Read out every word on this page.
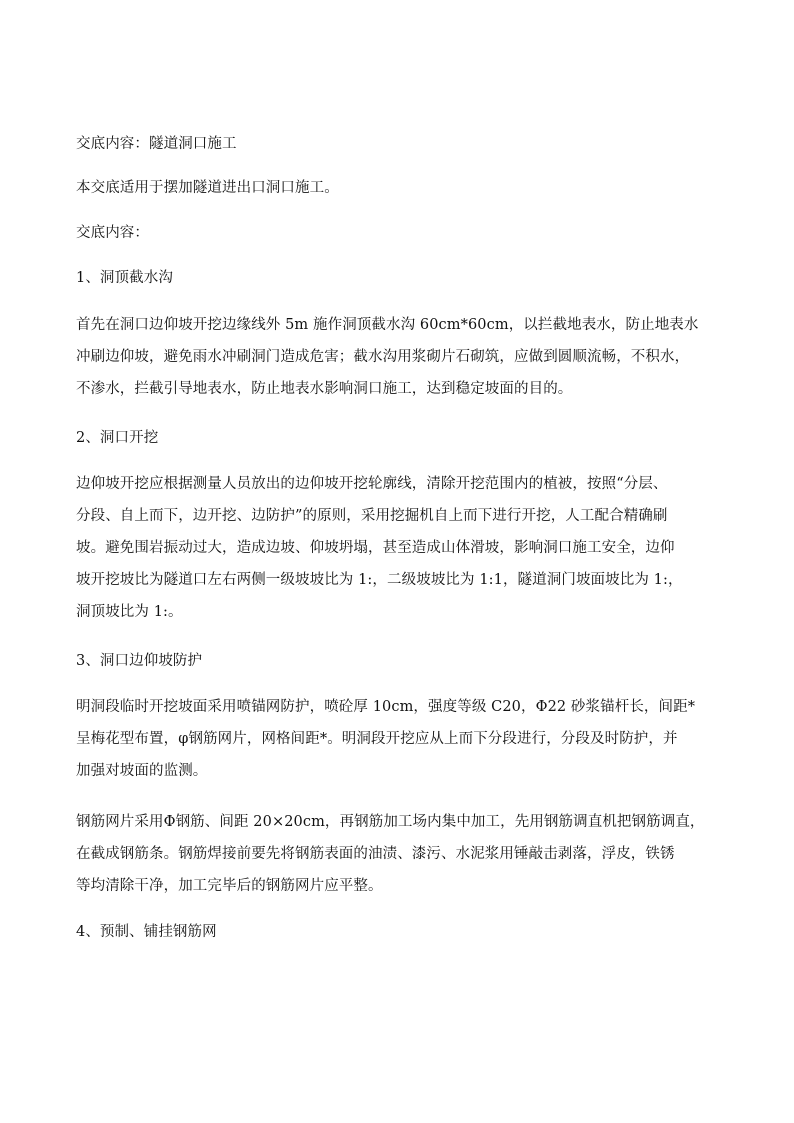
交底内容：隧道洞口施工
本交底适用于摆加隧道进出口洞口施工。
交底内容：
1、洞顶截水沟
首先在洞口边仰坡开挖边缘线外 5m 施作洞顶截水沟 60cm*60cm，以拦截地表水，防止地表水
冲刷边仰坡，避免雨水冲刷洞门造成危害；截水沟用浆砌片石砌筑，应做到圆顺流畅，不积水，
不渗水，拦截引导地表水，防止地表水影响洞口施工，达到稳定坡面的目的。
2、洞口开挖
边仰坡开挖应根据测量人员放出的边仰坡开挖轮廓线，清除开挖范围内的植被，按照“分层、
分段、自上而下，边开挖、边防护”的原则，采用挖掘机自上而下进行开挖，人工配合精确刷
坡。避免围岩振动过大，造成边坡、仰坡坍塌，甚至造成山体滑坡，影响洞口施工安全，边仰
坡开挖坡比为隧道口左右两侧一级坡坡比为 1:，二级坡坡比为 1:1，隧道洞门坡面坡比为 1:，
洞顶坡比为 1:。
3、洞口边仰坡防护
明洞段临时开挖坡面采用喷锚网防护，喷砼厚 10cm，强度等级 C20，Φ22 砂浆锚杆长，间距*
呈梅花型布置，φ钢筋网片，网格间距*。明洞段开挖应从上而下分段进行，分段及时防护，并
加强对坡面的监测。
钢筋网片采用Φ钢筋、间距 20×20cm，再钢筋加工场内集中加工，先用钢筋调直机把钢筋调直，
在截成钢筋条。钢筋焊接前要先将钢筋表面的油渍、漆污、水泥浆用锤敲击剥落，浮皮，铁锈
等均清除干净，加工完毕后的钢筋网片应平整。
4、预制、铺挂钢筋网
